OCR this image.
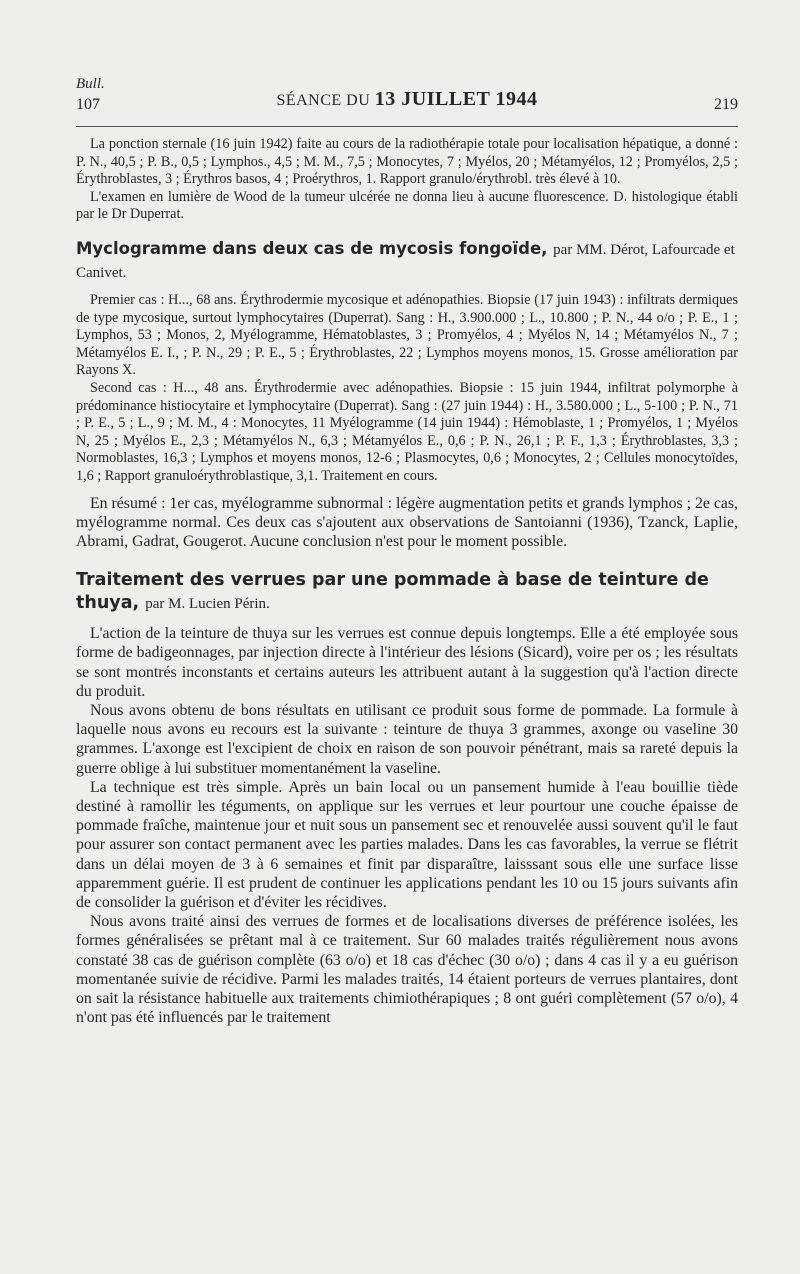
Bull.
107	SÉANCE DU 13 JUILLET 1944	219

La ponction sternale (16 juin 1942) faite au cours de la radiothérapie totale pour localisation hépatique, a donné : P. N., 40,5 ; P. B., 0,5 ; Lymphos., 4,5 ; M. M., 7,5 ; Monocytes, 7 ; Myélos, 20 ; Métamyélos, 12 ; Promyélos, 2,5 ; Érythroblastes, 3 ; Érythros basos, 4 ; Proérythros, 1. Rapport granulo/érythrobl. très élevé à 10.

L'examen en lumière de Wood de la tumeur ulcérée ne donna lieu à aucune fluorescence. D. histologique établi par le Dr Duperrat.

Myclogramme dans deux cas de mycosis fongoïde, par MM. Dérot, Lafourcade et Canivet.

Premier cas : H..., 68 ans. Érythrodermie mycosique et adénopathies. Biopsie (17 juin 1943) : infiltrats dermiques de type mycosique, surtout lymphocytaires (Duperrat). Sang : H., 3.900.000 ; L., 10.800 ; P. N., 44 o/o ; P. E., 1 ; Lymphos, 53 ; Monos, 2, Myélogramme, Hématoblastes, 3 ; Promyélos, 4 ; Myélos N, 14 ; Métamyélos N., 7 ; Métamyélos E. I., ; P. N., 29 ; P. E., 5 ; Érythroblastes, 22 ; Lymphos moyens monos, 15. Grosse amélioration par Rayons X.

Second cas : H..., 48 ans. Érythrodermie avec adénopathies. Biopsie : 15 juin 1944, infiltrat polymorphe à prédominance histiocytaire et lymphocytaire (Duperrat). Sang : (27 juin 1944) : H., 3.580.000 ; L., 5-100 ; P. N., 71 ; P. E., 5 ; L., 9 ; M. M., 4 : Monocytes, 11 Myélogramme (14 juin 1944) : Hémoblaste, 1 ; Promyélos, 1 ; Myélos N, 25 ; Myélos E., 2,3 ; Métamyélos N., 6,3 ; Métamyélos E., 0,6 ; P. N., 26,1 ; P. F., 1,3 ; Érythroblastes, 3,3 ; Normoblastes, 16,3 ; Lymphos et moyens monos, 12-6 ; Plasmocytes, 0,6 ; Monocytes, 2 ; Cellules monocytoïdes, 1,6 ; Rapport granuloérythroblastique, 3,1. Traitement en cours.

En résumé : 1er cas, myélogramme subnormal : légère augmentation petits et grands lymphos ; 2e cas, myélogramme normal. Ces deux cas s'ajoutent aux observations de Santoianni (1936), Tzanck, Laplie, Abrami, Gadrat, Gougerot. Aucune conclusion n'est pour le moment possible.

Traitement des verrues par une pommade à base de teinture de thuya, par M. Lucien Périn.

L'action de la teinture de thuya sur les verrues est connue depuis longtemps. Elle a été employée sous forme de badigeonnages, par injection directe à l'intérieur des lésions (Sicard), voire per os ; les résultats se sont montrés inconstants et certains auteurs les attribuent autant à la suggestion qu'à l'action directe du produit.

Nous avons obtenu de bons résultats en utilisant ce produit sous forme de pommade. La formule à laquelle nous avons eu recours est la suivante : teinture de thuya 3 grammes, axonge ou vaseline 30 grammes. L'axonge est l'excipient de choix en raison de son pouvoir pénétrant, mais sa rareté depuis la guerre oblige à lui substituer momentanément la vaseline.

La technique est très simple. Après un bain local ou un pansement humide à l'eau bouillie tiède destiné à ramollir les téguments, on applique sur les verrues et leur pourtour une couche épaisse de pommade fraîche, maintenue jour et nuit sous un pansement sec et renouvelée aussi souvent qu'il le faut pour assurer son contact permanent avec les parties malades. Dans les cas favorables, la verrue se flétrit dans un délai moyen de 3 à 6 semaines et finit par disparaître, laisssant sous elle une surface lisse apparemment guérie. Il est prudent de continuer les applications pendant les 10 ou 15 jours suivants afin de consolider la guérison et d'éviter les récidives.

Nous avons traité ainsi des verrues de formes et de localisations diverses de préférence isolées, les formes généralisées se prêtant mal à ce traitement. Sur 60 malades traités régulièrement nous avons constaté 38 cas de guérison complète (63 o/o) et 18 cas d'échec (30 o/o) ; dans 4 cas il y a eu guérison momentanée suivie de récidive. Parmi les malades traités, 14 étaient porteurs de verrues plantaires, dont on sait la résistance habituelle aux traitements chimiothérapiques ; 8 ont guéri complètement (57 o/o), 4 n'ont pas été influencés par le traitement
